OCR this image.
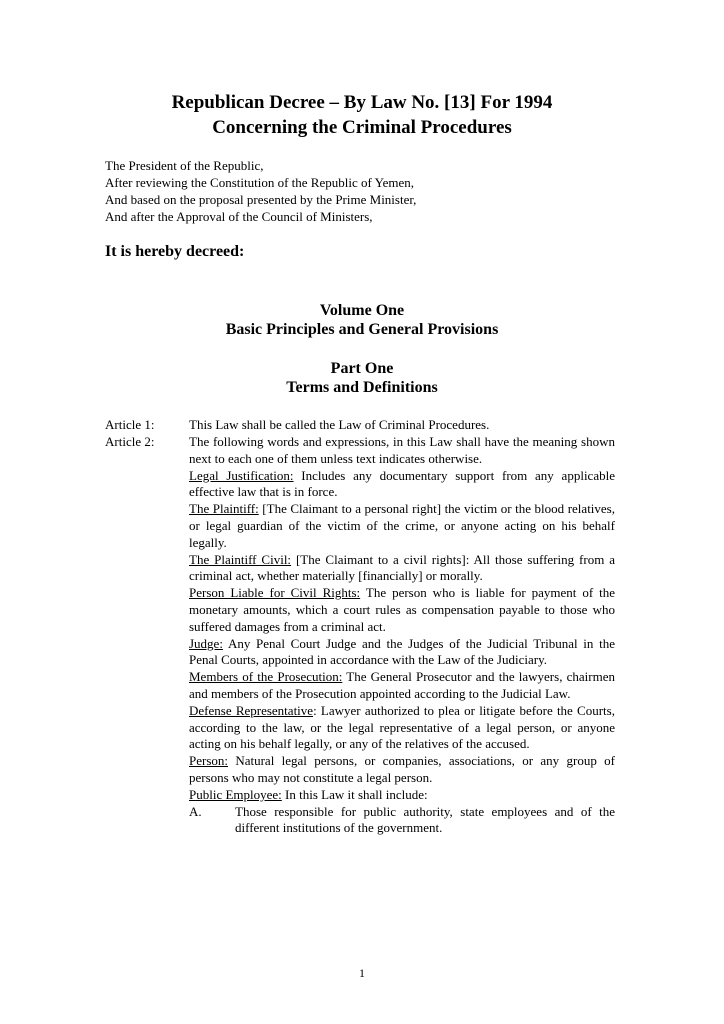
Republican Decree – By Law No. [13] For 1994
Concerning the Criminal Procedures
The President of the Republic,
After reviewing the Constitution of the Republic of Yemen,
And based on the proposal presented by the Prime Minister,
And after the Approval of the Council of Ministers,
It is hereby decreed:
Volume One
Basic Principles and General Provisions
Part One
Terms and Definitions
Article 1:	This Law shall be called the Law of Criminal Procedures.
Article 2:	The following words and expressions, in this Law shall have the meaning shown next to each one of them unless text indicates otherwise.

Legal Justification: Includes any documentary support from any applicable effective law that is in force.

The Plaintiff: [The Claimant to a personal right] the victim or the blood relatives, or legal guardian of the victim of the crime, or anyone acting on his behalf legally.

The Plaintiff Civil: [The Claimant to a civil rights]: All those suffering from a criminal act, whether materially [financially] or morally.

Person Liable for Civil Rights: The person who is liable for payment of the monetary amounts, which a court rules as compensation payable to those who suffered damages from a criminal act.

Judge: Any Penal Court Judge and the Judges of the Judicial Tribunal in the Penal Courts, appointed in accordance with the Law of the Judiciary.

Members of the Prosecution: The General Prosecutor and the lawyers, chairmen and members of the Prosecution appointed according to the Judicial Law.

Defense Representative: Lawyer authorized to plea or litigate before the Courts, according to the law, or the legal representative of a legal person, or anyone acting on his behalf legally, or any of the relatives of the accused.

Person: Natural legal persons, or companies, associations, or any group of persons who may not constitute a legal person.

Public Employee: In this Law it shall include:

A.	Those responsible for public authority, state employees and of the different institutions of the government.
1
